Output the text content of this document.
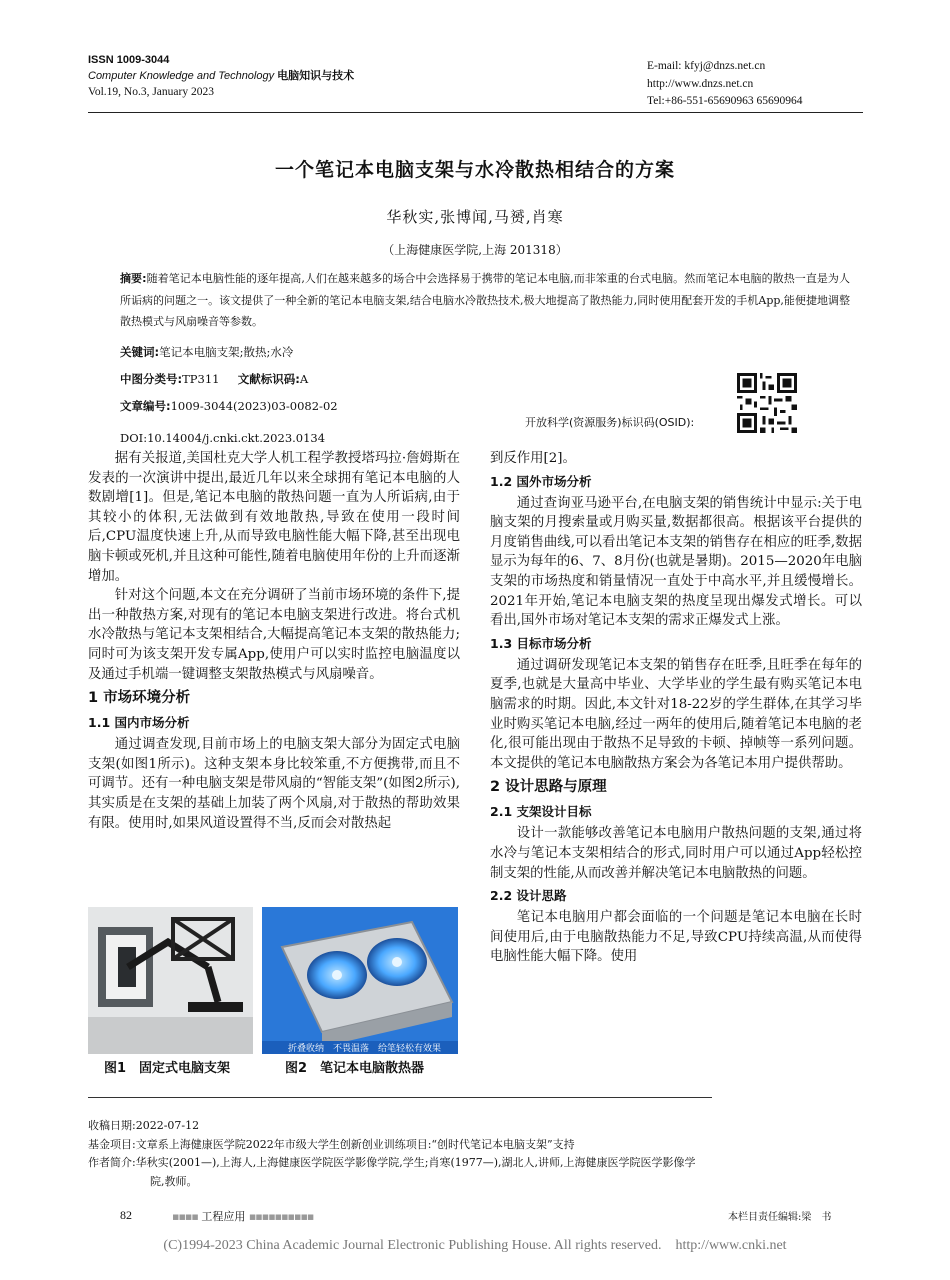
ISSN 1009-3044
Computer Knowledge and Technology 电脑知识与技术
Vol.19, No.3, January 2023
E-mail: kfyj@dnzs.net.cn
http://www.dnzs.net.cn
Tel:+86-551-65690963 65690964
一个笔记本电脑支架与水冷散热相结合的方案
华秋实,张博闻,马赟,肖寒
（上海健康医学院,上海 201318）
摘要:随着笔记本电脑性能的逐年提高,人们在越来越多的场合中会选择易于携带的笔记本电脑,而非笨重的台式电脑。然而笔记本电脑的散热一直是为人所诟病的问题之一。该文提供了一种全新的笔记本电脑支架,结合电脑水冷散热技术,极大地提高了散热能力,同时使用配套开发的手机App,能便捷地调整散热模式与风扇噪音等参数。
关键词:笔记本电脑支架;散热;水冷
中图分类号:TP311 文献标识码:A
文章编号:1009-3044(2023)03-0082-02
开放科学(资源服务)标识码(OSID):
DOI:10.14004/j.cnki.ckt.2023.0134

据有关报道,美国杜克大学人机工程学教授塔玛拉·詹姆斯在发表的一次演讲中提出,最近几年以来全球拥有笔记本电脑的人数剧增[1]。但是,笔记本电脑的散热问题一直为人所诟病,由于其较小的体积,无法做到有效地散热,导致在使用一段时间后,CPU温度快速上升,从而导致电脑性能大幅下降,甚至出现电脑卡顿或死机,并且这种可能性,随着电脑使用年份的上升而逐渐增加。

针对这个问题,本文在充分调研了当前市场环境的条件下,提出一种散热方案,对现有的笔记本电脑支架进行改进。将台式机水冷散热与笔记本支架相结合,大幅提高笔记本支架的散热能力;同时可为该支架开发专属App,使用户可以实时监控电脑温度以及通过手机端一键调整支架散热模式与风扇噪音。

1 市场环境分析
1.1 国内市场分析

通过调查发现,目前市场上的电脑支架大部分为固定式电脑支架(如图1所示)。这种支架本身比较笨重,不方便携带,而且不可调节。还有一种电脑支架是带风扇的“智能支架”(如图2所示),其实质是在支架的基础上加装了两个风扇,对于散热的帮助效果有限。使用时,如果风道设置得不当,反而会对散热起

折叠收纳　不畏温落　给笔轻松有效果
图1　固定式电脑支架	图2　笔记本电脑散热器

到反作用[2]。

1.2 国外市场分析

通过查询亚马逊平台,在电脑支架的销售统计中显示:关于电脑支架的月搜索量或月购买量,数据都很高。根据该平台提供的月度销售曲线,可以看出笔记本支架的销售存在相应的旺季,数据显示为每年的6、7、8月份(也就是暑期)。2015—2020年电脑支架的市场热度和销量情况一直处于中高水平,并且缓慢增长。2021年开始,笔记本电脑支架的热度呈现出爆发式增长。可以看出,国外市场对笔记本支架的需求正爆发式上涨。

1.3 目标市场分析

通过调研发现笔记本支架的销售存在旺季,且旺季在每年的夏季,也就是大量高中毕业、大学毕业的学生最有购买笔记本电脑需求的时期。因此,本文针对18-22岁的学生群体,在其学习毕业时购买笔记本电脑,经过一两年的使用后,随着笔记本电脑的老化,很可能出现由于散热不足导致的卡顿、掉帧等一系列问题。本文提供的笔记本电脑散热方案会为各笔记本用户提供帮助。

2 设计思路与原理
2.1 支架设计目标

设计一款能够改善笔记本电脑用户散热问题的支架,通过将水冷与笔记本支架相结合的形式,同时用户可以通过App轻松控制支架的性能,从而改善并解决笔记本电脑散热的问题。

2.2 设计思路

笔记本电脑用户都会面临的一个问题是笔记本电脑在长时间使用后,由于电脑散热能力不足,导致CPU持续高温,从而使得电脑性能大幅下降。使用

收稿日期:2022-07-12
基金项目:文章系上海健康医学院2022年市级大学生创新创业训练项目:“创时代笔记本电脑支架”支持
作者简介:华秋实(2001—),上海人,上海健康医学院医学影像学院,学生;肖寒(1977—),湖北人,讲师,上海健康医学院医学影像学
院,教师。
82	▪▪▪▪ 工程应用 ▪▪▪▪▪▪▪▪▪▪	本栏目责任编辑:梁　书
(C)1994-2023 China Academic Journal Electronic Publishing House. All rights reserved.　http://www.cnki.net
